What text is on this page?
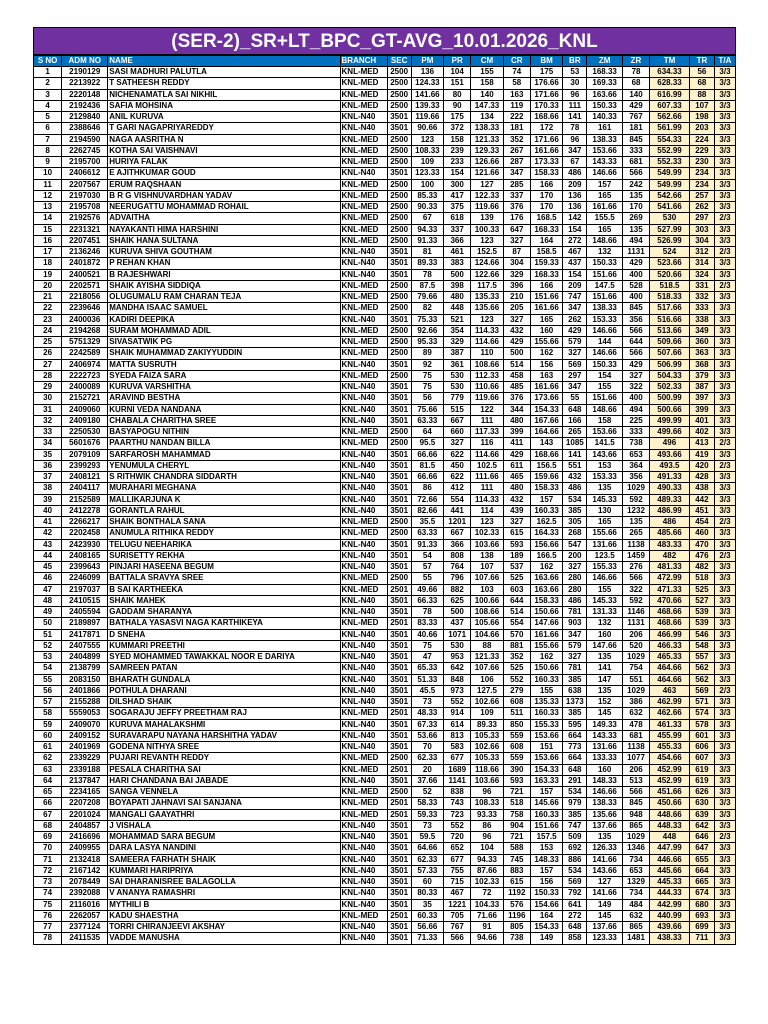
(SER-2)_SR+LT_BPC_GT-AVG_10.01.2026_KNL
S NO	ADM NO	NAME	BRANCH	SEC	PM	PR	CM	CR	BM	BR	ZM	ZR	TM	TR	T/A
1	2190129	SASI MADHURI PALUTLA	KNL-MED	2500	136	104	155	74	175	53	168.33	78	634.33	56	3/3
2	2213922	T SATHEESH REDDY	KNL-MED	2500	124.33	151	158	58	176.66	30	169.33	68	628.33	68	3/3
3	2220148	NICHENAMATLA SAI NIKHIL	KNL-MED	2500	141.66	80	140	163	171.66	96	163.66	140	616.99	88	3/3
4	2192436	SAFIA MOHSINA	KNL-MED	2500	139.33	90	147.33	119	170.33	111	150.33	429	607.33	107	3/3
5	2129840	ANIL KURUVA	KNL-N40	3501	119.66	175	134	222	168.66	141	140.33	767	562.66	198	3/3
6	2388646	T GARI NAGAPRIYAREDDY	KNL-N40	3501	90.66	372	138.33	181	172	78	161	181	561.99	203	3/3
7	2194590	NAGA AASRITHA N	KNL-MED	2500	123	158	121.33	352	171.66	96	138.33	845	554.33	224	3/3
8	2262745	KOTHA SAI VAISHNAVI	KNL-MED	2500	108.33	239	129.33	267	161.66	347	153.66	333	552.99	229	3/3
9	2195700	HURIYA FALAK	KNL-MED	2500	109	233	126.66	287	173.33	67	143.33	681	552.33	230	3/3
10	2406612	E AJITHKUMAR GOUD	KNL-N40	3501	123.33	154	121.66	347	158.33	486	146.66	566	549.99	234	3/3
11	2207567	ERUM RAQSHAAN	KNL-MED	2500	100	300	127	285	166	209	157	242	549.99	234	3/3
12	2197030	B R G VISHNUVARDHAN YADAV	KNL-MED	2500	85.33	417	122.33	337	170	136	165	135	542.66	257	3/3
13	2195708	NEERUGATTU MOHAMMAD ROHAIL	KNL-MED	2500	90.33	375	119.66	376	170	136	161.66	170	541.66	262	3/3
14	2192576	ADVAITHA	KNL-MED	2500	67	618	139	176	168.5	142	155.5	269	530	297	2/3
15	2231321	NAYAKANTI HIMA HARSHINI	KNL-MED	2500	94.33	337	100.33	647	168.33	154	165	135	527.99	303	3/3
16	2207451	SHAIK HANA SULTANA	KNL-MED	2500	91.33	366	123	327	164	272	148.66	494	526.99	304	3/3
17	2136246	KURUVA SHIVA GOUTHAM	KNL-N40	3501	81	461	152.5	87	158.5	467	132	1131	524	312	2/3
18	2401872	P REHAN KHAN	KNL-N40	3501	89.33	383	124.66	304	159.33	437	150.33	429	523.66	314	3/3
19	2400521	B RAJESHWARI	KNL-N40	3501	78	500	122.66	329	168.33	154	151.66	400	520.66	324	3/3
20	2202571	SHAIK AYISHA SIDDIQA	KNL-MED	2500	87.5	398	117.5	396	166	209	147.5	528	518.5	331	2/3
21	2218056	OLUGUMALU RAM CHARAN TEJA	KNL-MED	2500	79.66	480	135.33	210	151.66	747	151.66	400	518.33	332	3/3
22	2239646	MANDHA ISAAC SAMUEL	KNL-MED	2500	82	448	135.66	205	161.66	347	138.33	845	517.66	333	3/3
23	2400036	KADIRI DEEPIKA	KNL-N40	3501	75.33	521	123	327	165	262	153.33	356	516.66	338	3/3
24	2194268	SURAM MOHAMMAD ADIL	KNL-MED	2500	92.66	354	114.33	432	160	429	146.66	566	513.66	349	3/3
25	5751329	SIVASATWIK PG	KNL-MED	2500	95.33	329	114.66	429	155.66	579	144	644	509.66	360	3/3
26	2242589	SHAIK MUHAMMAD ZAKIYYUDDIN	KNL-MED	2500	89	387	110	500	162	327	146.66	566	507.66	363	3/3
27	2406974	MATTA SUSRUTH	KNL-N40	3501	92	361	108.66	514	156	569	150.33	429	506.99	368	3/3
28	2222723	SYEDA FAIZA SARA	KNL-MED	2500	75	530	112.33	458	163	297	154	327	504.33	379	3/3
29	2400089	KURUVA VARSHITHA	KNL-N40	3501	75	530	110.66	485	161.66	347	155	322	502.33	387	3/3
30	2152721	ARAVIND BESTHA	KNL-N40	3501	56	779	119.66	376	173.66	55	151.66	400	500.99	397	3/3
31	2409060	KURNI VEDA NANDANA	KNL-N40	3501	75.66	515	122	344	154.33	648	148.66	494	500.66	399	3/3
32	2409180	CHABALA CHARITHA SREE	KNL-N40	3501	63.33	667	111	480	167.66	166	158	225	499.99	401	3/3
33	2250530	BASYAPOGU NITHIN	KNL-MED	2500	64	660	117.33	399	164.66	265	153.66	333	499.66	402	3/3
34	5601676	PAARTHU NANDAN BILLA	KNL-MED	2500	95.5	327	116	411	143	1085	141.5	738	496	413	2/3
35	2079109	SARFAROSH MAHAMMAD	KNL-N40	3501	66.66	622	114.66	429	168.66	141	143.66	653	493.66	419	3/3
36	2399293	YENUMULA CHERYL	KNL-N40	3501	81.5	450	102.5	611	156.5	551	153	364	493.5	420	2/3
37	2408121	S RITHWIK CHANDRA SIDDARTH	KNL-N40	3501	66.66	622	111.66	465	159.66	432	153.33	356	491.33	428	3/3
38	2404117	MURAHARI MEGHANA	KNL-N40	3501	86	412	111	480	158.33	486	135	1029	490.33	438	3/3
39	2152589	MALLIKARJUNA K	KNL-N40	3501	72.66	554	114.33	432	157	534	145.33	592	489.33	442	3/3
40	2412278	GORANTLA RAHUL	KNL-N40	3501	82.66	441	114	439	160.33	385	130	1232	486.99	451	3/3
41	2266217	SHAIK BONTHALA SANA	KNL-MED	2500	35.5	1201	123	327	162.5	305	165	135	486	454	2/3
42	2202458	ANUMULA RITHIKA REDDY	KNL-MED	2500	63.33	667	102.33	615	164.33	268	155.66	265	485.66	460	3/3
43	2423930	TELUGU NEEHARIKA	KNL-N40	3501	91.33	366	103.66	593	156.66	547	131.66	1138	483.33	470	3/3
44	2408165	SURISETTY REKHA	KNL-N40	3501	54	808	138	189	166.5	200	123.5	1459	482	476	2/3
45	2399643	PINJARI HASEENA BEGUM	KNL-N40	3501	57	764	107	537	162	327	155.33	276	481.33	482	3/3
46	2246099	BATTALA SRAVYA SREE	KNL-MED	2500	55	796	107.66	525	163.66	280	146.66	566	472.99	518	3/3
47	2197037	B SAI KARTHEEKA	KNL-MED	2501	49.66	882	103	603	163.66	280	155	322	471.33	525	3/3
48	2410515	SHAIK MAHEK	KNL-N40	3501	66.33	625	100.66	644	158.33	486	145.33	592	470.66	527	3/3
49	2405594	GADDAM SHARANYA	KNL-N40	3501	78	500	108.66	514	150.66	781	131.33	1146	468.66	539	3/3
50	2189897	BATHALA YASASVI NAGA KARTHIKEYA	KNL-MED	2501	83.33	437	105.66	554	147.66	903	132	1131	468.66	539	3/3
51	2417871	D SNEHA	KNL-N40	3501	40.66	1071	104.66	570	161.66	347	160	206	466.99	546	3/3
52	2407555	KUMMARI PREETHI	KNL-N40	3501	75	530	88	881	155.66	579	147.66	520	466.33	548	3/3
53	2404899	SYED MOHAMMED TAWAKKAL NOOR E DARIYA	KNL-N40	3501	47	953	121.33	352	162	327	135	1029	465.33	557	3/3
54	2138799	SAMREEN PATAN	KNL-N40	3501	65.33	642	107.66	525	150.66	781	141	754	464.66	562	3/3
55	2083150	BHARATH GUNDALA	KNL-N40	3501	51.33	848	106	552	160.33	385	147	551	464.66	562	3/3
56	2401866	POTHULA DHARANI	KNL-N40	3501	45.5	973	127.5	279	155	638	135	1029	463	569	2/3
57	2155288	DILSHAD SHAIK	KNL-N40	3501	73	552	102.66	608	135.33	1373	152	386	462.99	571	3/3
58	5559053	SOGARAJU JEFFY PREETHAM RAJ	KNL-MED	2501	48.33	914	109	511	160.33	385	145	632	462.66	574	3/3
59	2409070	KURUVA MAHALAKSHMI	KNL-N40	3501	67.33	614	89.33	850	155.33	595	149.33	478	461.33	578	3/3
60	2409152	SURAVARAPU NAYANA HARSHITHA YADAV	KNL-N40	3501	53.66	813	105.33	559	153.66	664	143.33	681	455.99	601	3/3
61	2401969	GODENA NITHYA SREE	KNL-N40	3501	70	583	102.66	608	151	773	131.66	1138	455.33	606	3/3
62	2339229	PUJARI REVANTH REDDY	KNL-MED	2500	62.33	677	105.33	559	153.66	664	133.33	1077	454.66	607	3/3
63	2339188	PESALA CHARITHA SAI	KNL-MED	2501	20	1689	118.66	390	154.33	648	160	206	452.99	619	3/3
64	2137847	HARI CHANDANA BAI JABADE	KNL-N40	3501	37.66	1141	103.66	593	163.33	291	148.33	513	452.99	619	3/3
65	2234165	SANGA VENNELA	KNL-MED	2500	52	838	96	721	157	534	146.66	566	451.66	626	3/3
66	2207208	BOYAPATI JAHNAVI SAI SANJANA	KNL-MED	2501	58.33	743	108.33	518	145.66	979	138.33	845	450.66	630	3/3
67	2201024	MANGALI GAAYATHRI	KNL-MED	2501	59.33	723	93.33	758	160.33	385	135.66	948	448.66	639	3/3
68	2404857	J VISHALA	KNL-N40	3501	73	552	86	904	151.66	747	137.66	865	448.33	642	3/3
69	2416696	MOHAMMAD SARA BEGUM	KNL-N40	3501	59.5	720	96	721	157.5	509	135	1029	448	646	2/3
70	2409955	DARA LASYA NANDINI	KNL-N40	3501	64.66	652	104	588	153	692	126.33	1346	447.99	647	3/3
71	2132418	SAMEERA FARHATH SHAIK	KNL-N40	3501	62.33	677	94.33	745	148.33	886	141.66	734	446.66	655	3/3
72	2167142	KUMMARI HARIPRIYA	KNL-N40	3501	57.33	755	87.66	883	157	534	143.66	653	445.66	664	3/3
73	2078449	SAI DHARANISREE BALAGOLLA	KNL-N40	3501	60	715	102.33	615	156	569	127	1329	445.33	665	3/3
74	2392088	V ANANYA RAMASHRI	KNL-N40	3501	80.33	467	72	1192	150.33	792	141.66	734	444.33	674	3/3
75	2116016	MYTHILI B	KNL-N40	3501	35	1221	104.33	576	154.66	641	149	484	442.99	680	3/3
76	2262057	KADU SHAESTHA	KNL-MED	2501	60.33	705	71.66	1196	164	272	145	632	440.99	693	3/3
77	2377124	TORRI CHIRANJEEVI AKSHAY	KNL-N40	3501	56.66	767	91	805	154.33	648	137.66	865	439.66	699	3/3
78	2411535	VADDE MANUSHA	KNL-N40	3501	71.33	566	94.66	738	149	858	123.33	1481	438.33	711	3/3
